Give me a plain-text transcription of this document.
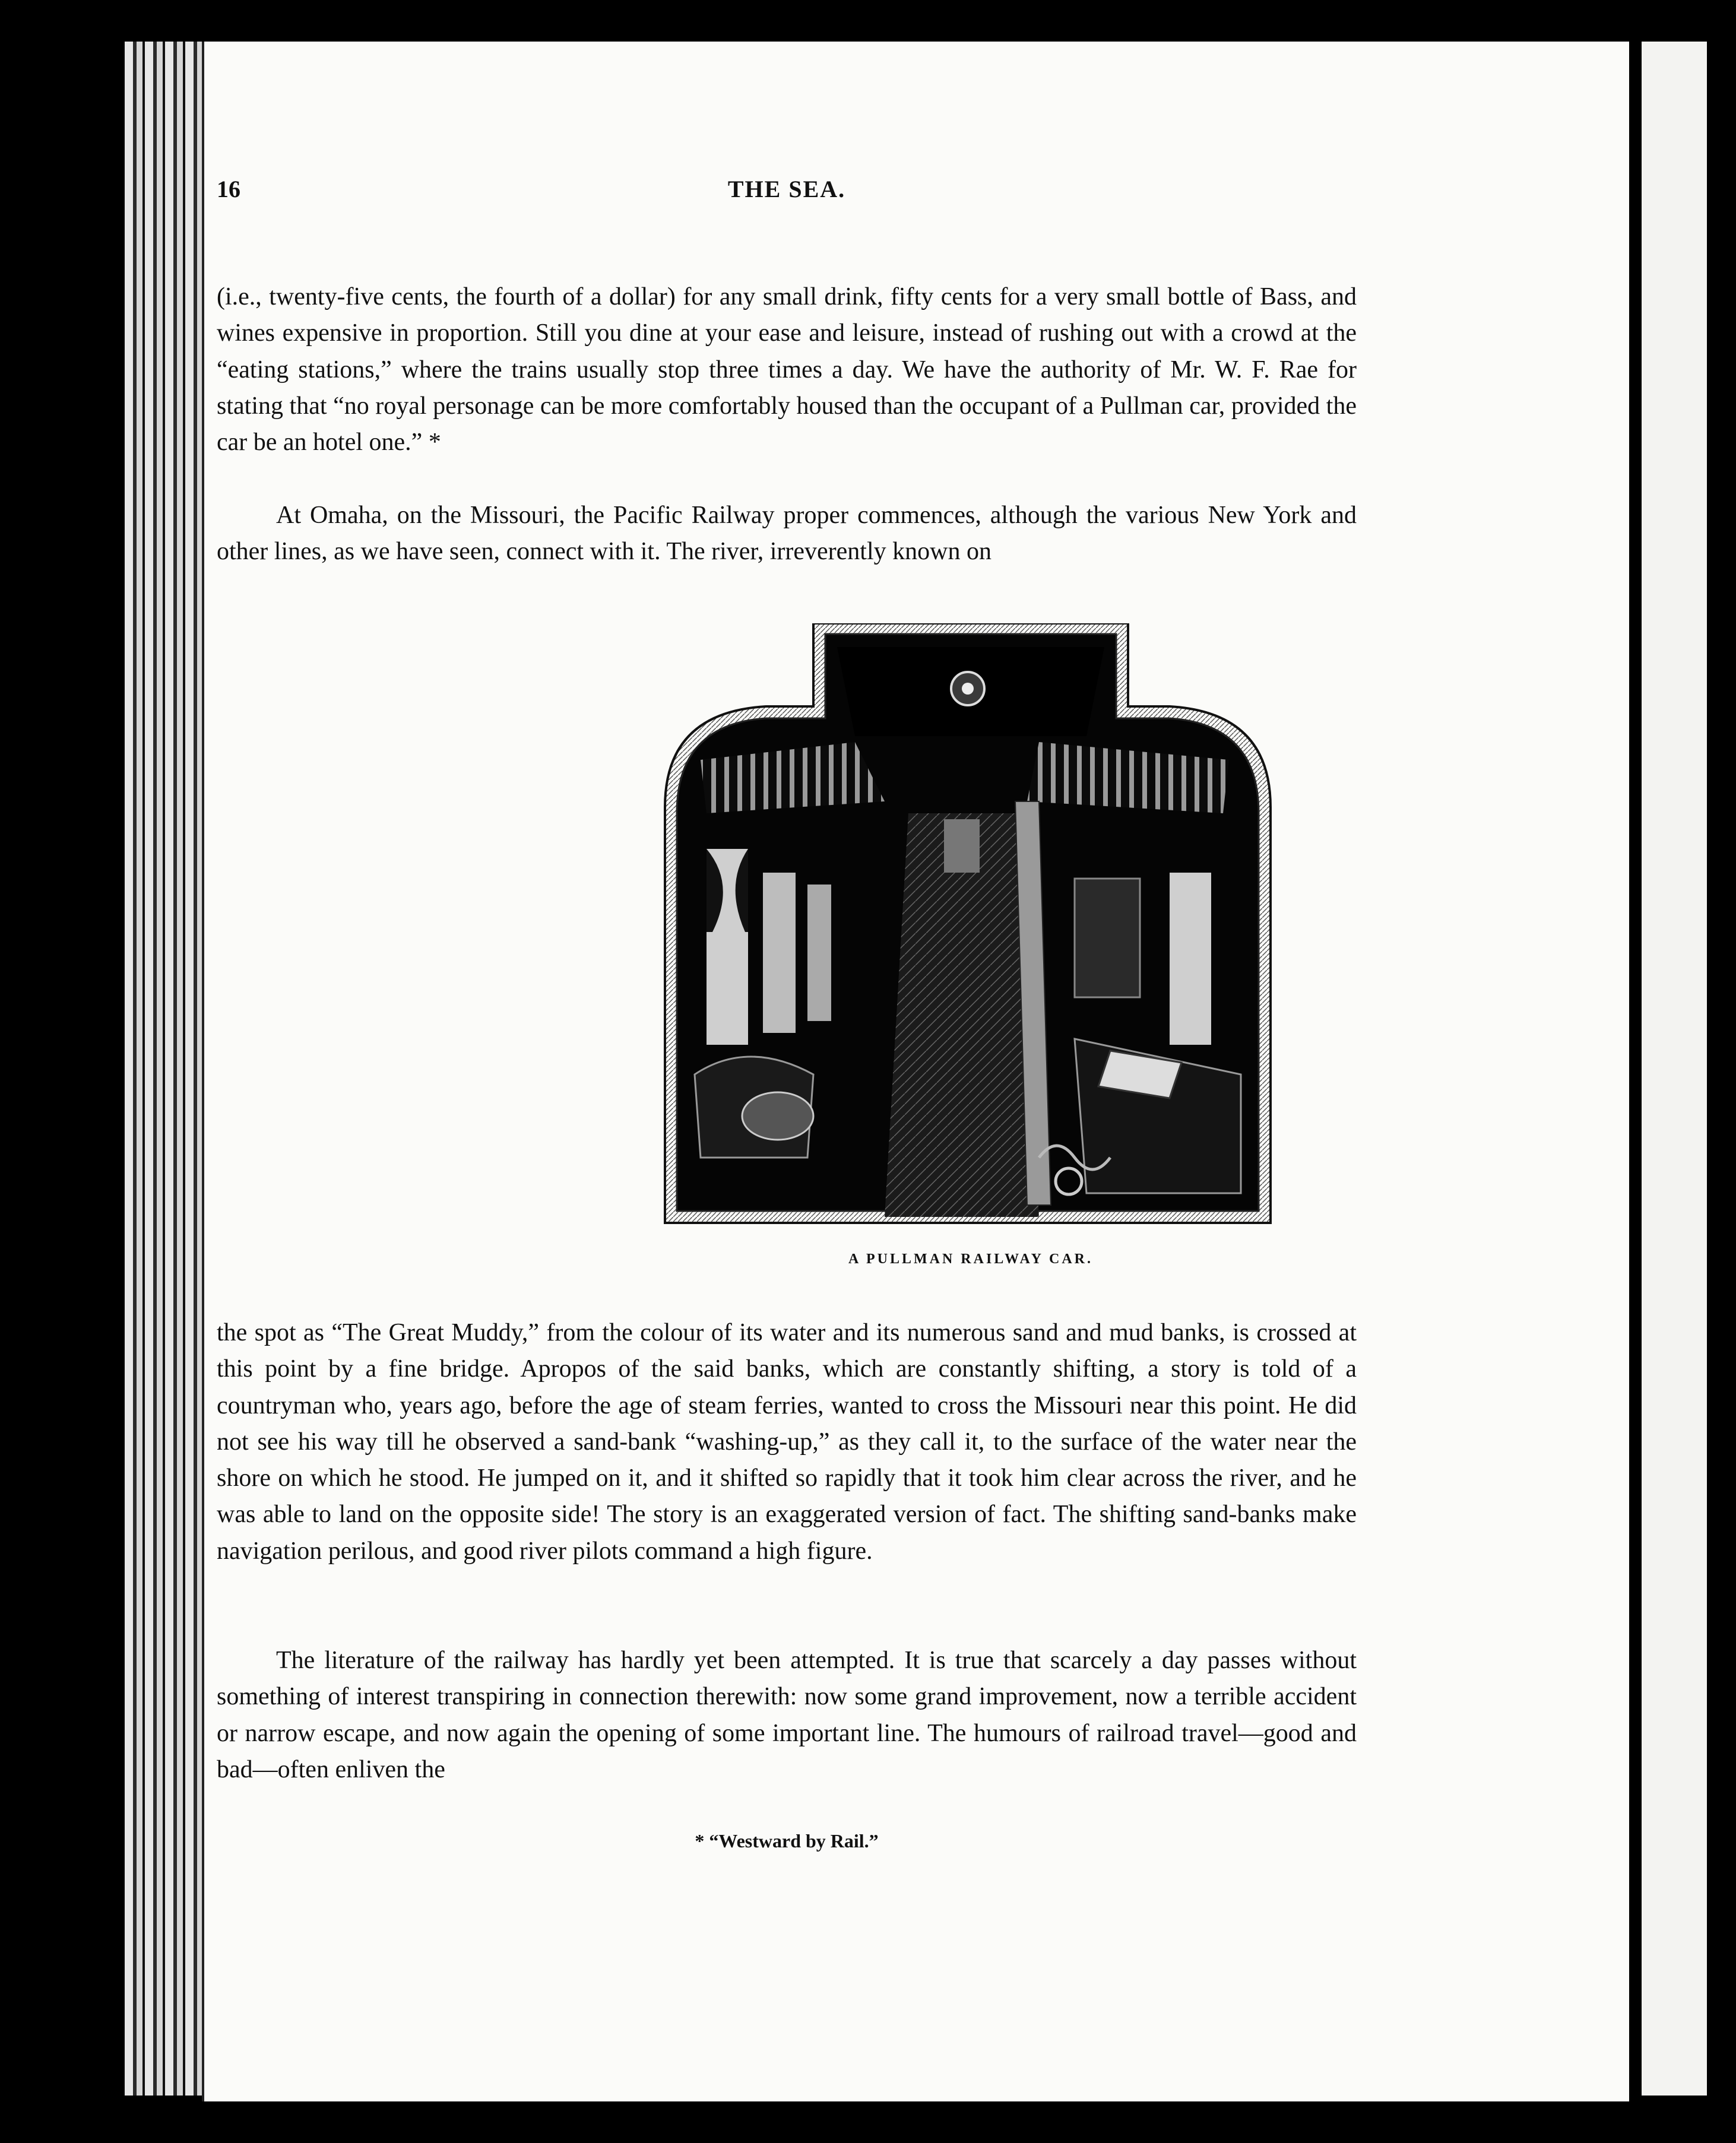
16	THE SEA.

(i.e., twenty-five cents, the fourth of a dollar) for any small drink, fifty cents for a very small bottle of Bass, and wines expensive in proportion. Still you dine at your ease and leisure, instead of rushing out with a crowd at the “eating stations,” where the trains usually stop three times a day. We have the authority of Mr. W. F. Rae for stating that “no royal personage can be more comfortably housed than the occupant of a Pullman car, provided the car be an hotel one.” *

At Omaha, on the Missouri, the Pacific Railway proper commences, although the various New York and other lines, as we have seen, connect with it. The river, irreverently known on

A PULLMAN RAILWAY CAR.

the spot as “The Great Muddy,” from the colour of its water and its numerous sand and mud banks, is crossed at this point by a fine bridge. Apropos of the said banks, which are constantly shifting, a story is told of a countryman who, years ago, before the age of steam ferries, wanted to cross the Missouri near this point. He did not see his way till he observed a sand-bank “washing-up,” as they call it, to the surface of the water near the shore on which he stood. He jumped on it, and it shifted so rapidly that it took him clear across the river, and he was able to land on the opposite side! The story is an exaggerated version of fact. The shifting sand-banks make navigation perilous, and good river pilots command a high figure.

The literature of the railway has hardly yet been attempted. It is true that scarcely a day passes without something of interest transpiring in connection therewith: now some grand improvement, now a terrible accident or narrow escape, and now again the opening of some important line. The humours of railroad travel—good and bad—often enliven the

* “Westward by Rail.”
